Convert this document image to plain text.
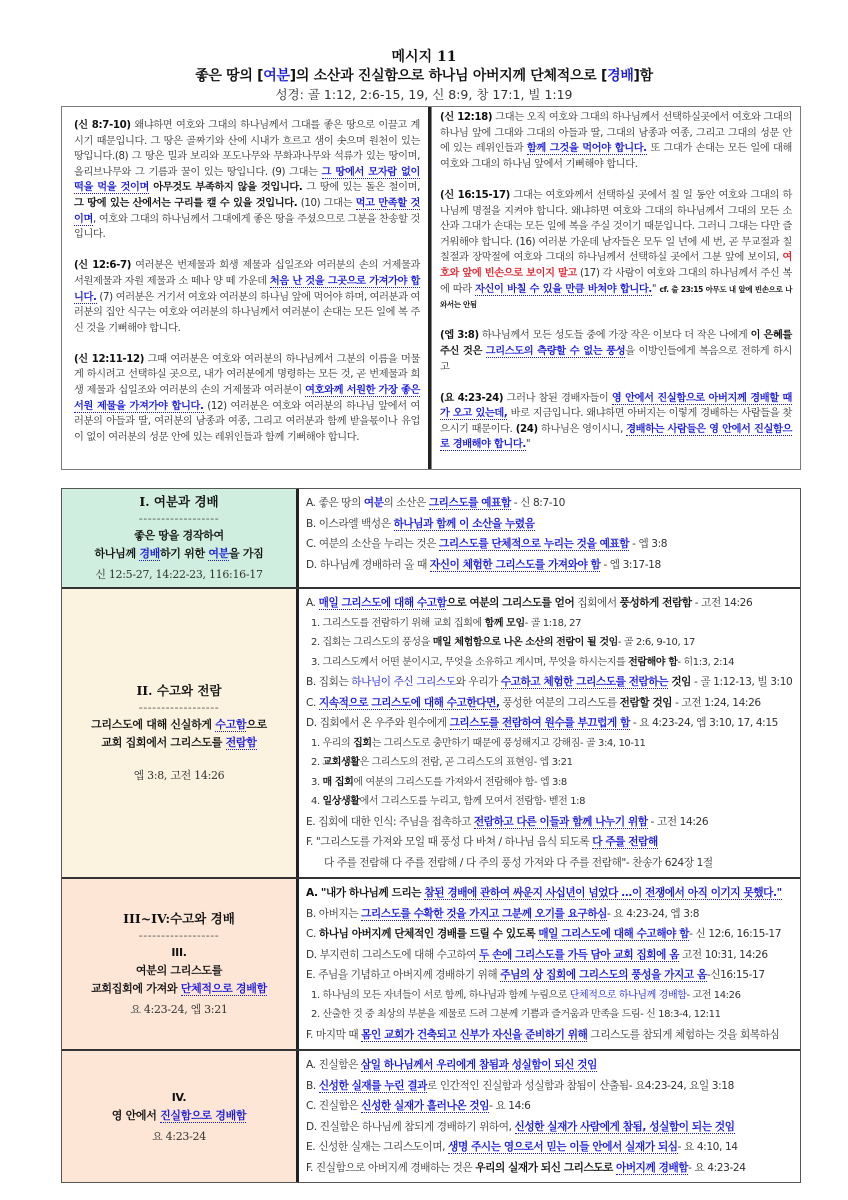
메시지 11
좋은 땅의 [여분]의 소산과 진실함으로 하나님 아버지께 단체적으로 [경배]함
성경: 골 1:12, 2:6-15, 19, 신 8:9, 창 17:1, 빌 1:19

(신 8:7-10) 왜냐하면 여호와 그대의 하나님께서 그대를 좋은 땅으로 이끌고 계시기 때문입니다. 그 땅은 골짜기와 산에 시내가 흐르고 샘이 솟으며 원천이 있는 땅입니다.(8) 그 땅은 밀과 보리와 포도나무와 무화과나무와 석류가 있는 땅이며, 올리브나무와 그 기름과 꿀이 있는 땅입니다. (9) 그대는 그 땅에서 모자람 없이 떡을 먹을 것이며 아무것도 부족하지 않을 것입니다. 그 땅에 있는 돌은 철이며, 그 땅에 있는 산에서는 구리를 캘 수 있을 것입니다. (10) 그대는 먹고 만족할 것이며, 여호와 그대의 하나님께서 그대에게 좋은 땅을 주셨으므로 그분을 찬송할 것입니다.

(신 12:6-7) 여러분은 번제물과 희생 제물과 십일조와 여러분의 손의 거제물과 서원제물과 자원 제물과 소 떼나 양 떼 가운데 처음 난 것을 그곳으로 가져가야 합니다. (7) 여러분은 거기서 여호와 여러분의 하나님 앞에 먹어야 하며, 여러분과 여러분의 집안 식구는 여호와 여러분의 하나님께서 여러분이 손대는 모든 일에 복 주신 것을 기뻐해야 합니다.

(신 12:11-12) 그때 여러분은 여호와 여러분의 하나님께서 그분의 이름을 머물게 하시려고 선택하실 곳으로, 내가 여러분에게 명령하는 모든 것, 곧 번제물과 희생 제물과 십일조와 여러분의 손의 거제물과 여러분이 여호와께 서원한 가장 좋은 서원 제물을 가져가야 합니다. (12) 여러분은 여호와 여러분의 하나님 앞에서 여러분의 아들과 딸, 여러분의 남종과 여종, 그리고 여러분과 함께 받을몫이나 유업이 없이 여러분의 성문 안에 있는 레위인들과 함께 기뻐해야 합니다.

(신 12:18) 그대는 오직 여호와 그대의 하나님께서 선택하실곳에서 여호와 그대의 하나님 앞에 그대와 그대의 아들과 딸, 그대의 남종과 여종, 그리고 그대의 성문 안에 있는 레위인들과 함께 그것을 먹어야 합니다. 또 그대가 손대는 모든 일에 대해 여호와 그대의 하나님 앞에서 기뻐해야 합니다.

(신 16:15-17) 그대는 여호와께서 선택하실 곳에서 칠 일 동안 여호와 그대의 하나님께 명절을 지켜야 합니다. 왜냐하면 여호와 그대의 하나님께서 그대의 모든 소산과 그대가 손대는 모든 일에 복을 주실 것이기 때문입니다. 그러니 그대는 다만 즐거워해야 합니다. (16) 여러분 가운데 남자들은 모두 일 년에 세 번, 곧 무교절과 칠칠절과 장막절에 여호와 그대의 하나님께서 선택하실 곳에서 그분 앞에 보이되, 여호와 앞에 빈손으로 보이지 말고 (17) 각 사람이 여호와 그대의 하나님께서 주신 복에 따라 자신이 바칠 수 있을 만큼 바쳐야 합니다." cf. 출 23:15 아무도 내 앞에 빈손으로 나와서는 안됨

(엡 3:8) 하나님께서 모든 성도들 중에 가장 작은 이보다 더 작은 나에게 이 은혜를 주신 것은 그리스도의 측량할 수 없는 풍성을 이방인들에게 복음으로 전하게 하시고

(요 4:23-24) 그러나 참된 경배자들이 영 안에서 진실함으로 아버지께 경배할 때가 오고 있는데, 바로 지금입니다. 왜냐하면 아버지는 이렇게 경배하는 사람들을 찾으시기 때문이다. (24) 하나님은 영이시니, 경배하는 사람들은 영 안에서 진실함으로 경배해야 합니다."

I. 여분과 경배
------------------
좋은 땅을 경작하여
하나님께 경배하기 위한 여분을 가짐
신 12:5-27, 14:22-23, 116:16-17
A. 좋은 땅의 여분의 소산은 그리스도를 예표함 - 신 8:7-10
B. 이스라엘 백성은 하나님과 함께 이 소산을 누렸음
C. 여분의 소산을 누리는 것은 그리스도를 단체적으로 누리는 것을 예표함 - 엡 3:8
D. 하나님께 경배하러 올 때 자신이 체험한 그리스도를 가져와야 함 - 엡 3:17-18
II. 수고와 전람
------------------
그리스도에 대해 신실하게 수고함으로
교회 집회에서 그리스도를 전람함
엡 3:8, 고전 14:26
A. 매일 그리스도에 대해 수고함으로 여분의 그리스도를 얻어 집회에서 풍성하게 전람함 - 고전 14:26
1. 그리스도를 전람하기 위해 교회 집회에 함께 모임- 골 1:18, 27
2. 집회는 그리스도의 풍성을 매일 체험함으로 나온 소산의 전람이 될 것임- 골 2:6, 9-10, 17
3. 그리스도께서 어떤 분이시고, 무엇을 소유하고 계시며, 무엇을 하시는지를 전람해야 함- 히1:3, 2:14
B. 집회는 하나님이 주신 그리스도와 우리가 수고하고 체험한 그리스도를 전람하는 것임 - 골 1:12-13, 빌 3:10
C. 지속적으로 그리스도에 대해 수고한다면, 풍성한 여분의 그리스도를 전람할 것임 - 고전 1:24, 14:26
D. 집회에서 온 우주와 원수에게 그리스도를 전람하여 원수를 부끄럽게 함 - 요 4:23-24, 엡 3:10, 17, 4:15
1. 우리의 집회는 그리스도로 충만하기 때문에 풍성해지고 강해짐- 골 3:4, 10-11
2. 교회생활은 그리스도의 전람, 곧 그리스도의 표현임- 엡 3:21
3. 매 집회에 여분의 그리스도를 가져와서 전람해야 함- 엡 3:8
4. 일상생활에서 그리스도를 누리고, 함께 모여서 전람함- 벧전 1:8
E. 집회에 대한 인식: 주님을 접촉하고 전람하고 다른 이들과 함께 나누기 위함 - 고전 14:26
F. "그리스도를 가져와 모일 때 풍성 다 바쳐 / 하나님 음식 되도록 다 주를 전람해
다 주를 전람해 다 주를 전람해 / 다 주의 풍성 가져와 다 주를 전람해"- 찬송가 624장 1절
III~IV:수고와 경배
------------------
III.
여분의 그리스도를
교회집회에 가져와 단체적으로 경배함
요 4:23-24, 엡 3:21
A. "내가 하나님께 드리는 참된 경배에 관하여 싸운지 사십년이 넘었다 ...이 전쟁에서 아직 이기지 못했다."
B. 아버지는 그리스도를 수확한 것을 가지고 그분께 오기를 요구하심- 요 4:23-24, 엡 3:8
C. 하나님 아버지께 단체적인 경배를 드릴 수 있도록 매일 그리스도에 대해 수고해야 함- 신 12:6, 16:15-17
D. 부지런히 그리스도에 대해 수고하여 두 손에 그리스도를 가득 담아 교회 집회에 옴 고전 10:31, 14:26
E. 주님을 기념하고 아버지께 경배하기 위해 주님의 상 집회에 그리스도의 풍성을 가지고 옴-신16:15-17
1. 하나님의 모든 자녀들이 서로 함께, 하나님과 함께 누림으로 단체적으로 하나님께 경배함- 고전 14:26
2. 산출한 것 중 최상의 부분을 제물로 드려 그분께 기쁨과 즐거움과 만족을 드림- 신 18:3-4, 12:11
F. 마지막 때 몸인 교회가 건축되고 신부가 자신을 준비하기 위해 그리스도를 참되게 체험하는 것을 회복하심
IV.
영 안에서 진실함으로 경배함
요 4:23-24
A. 진실함은 삼일 하나님께서 우리에게 참됨과 성실함이 되신 것임
B. 신성한 실재를 누린 결과로 인간적인 진실함과 성실함과 참됨이 산출됨- 요4:23-24, 요일 3:18
C. 진실함은 신성한 실재가 흘러나온 것임- 요 14:6
D. 진실함은 하나님께 참되게 경배하기 위하여, 신성한 실재가 사람에게 참됨, 성실함이 되는 것임
E. 신성한 실재는 그리스도이며, 생명 주시는 영으로서 믿는 이들 안에서 실재가 되심- 요 4:10, 14
F. 진실함으로 아버지께 경배하는 것은 우리의 실재가 되신 그리스도로 아버지께 경배함- 요 4:23-24
